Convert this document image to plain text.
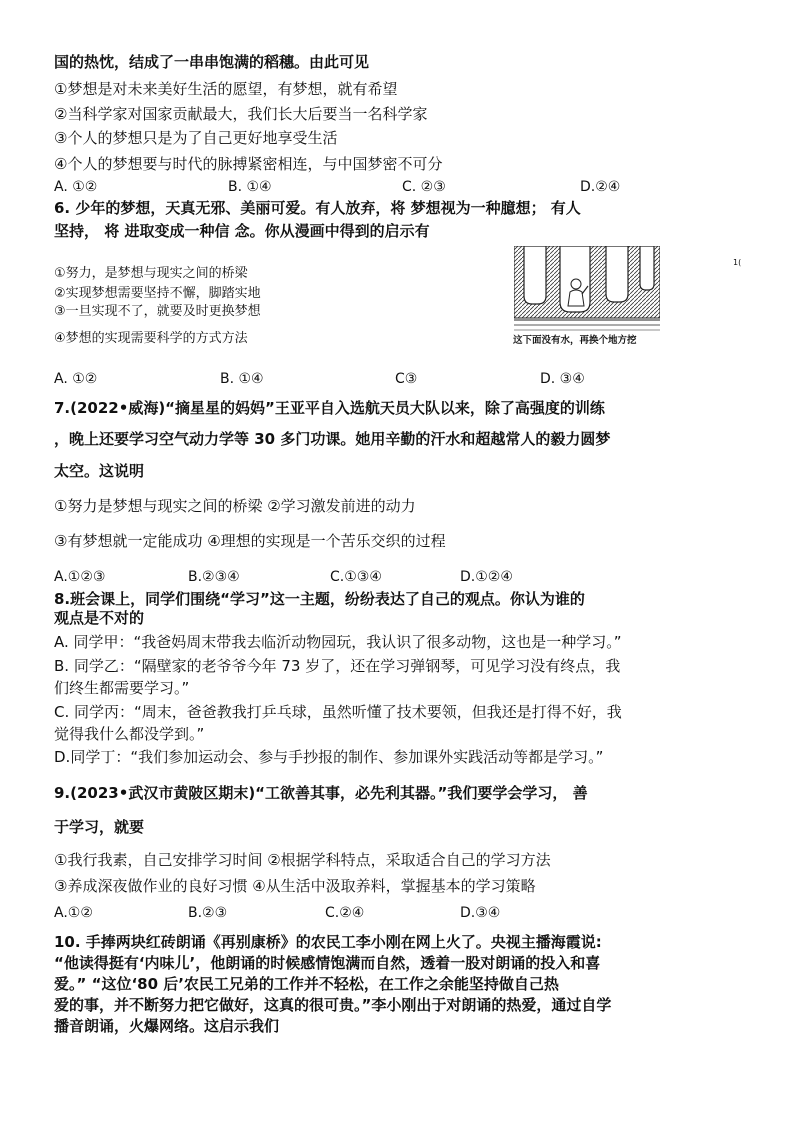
国的热忱，结成了一串串饱满的稻穗。由此可见
①梦想是对未来美好生活的愿望，有梦想，就有希望
②当科学家对国家贡献最大，我们长大后要当一名科学家
③个人的梦想只是为了自己更好地享受生活
④个人的梦想要与时代的脉搏紧密相连，与中国梦密不可分
A. ①②	B. ①④	C. ②③	D.②④
6. 少年的梦想，天真无邪、美丽可爱。有人放弃，将 梦想视为一种臆想； 有人
坚持， 将 进取变成一种信 念。你从漫画中得到的启示有
①努力，是梦想与现实之间的桥梁
②实现梦想需要坚持不懈，脚踏实地
③一旦实现不了，就要及时更换梦想
④梦想的实现需要科学的方式方法	这下面没有水，再换个地方挖
1(
A. ①②	B. ①④	C③	D. ③④
7.(2022•威海)“摘星星的妈妈”王亚平自入选航天员大队以来，除了高强度的训练
，晚上还要学习空气动力学等 30 多门功课。她用辛勤的汗水和超越常人的毅力圆梦
太空。这说明
①努力是梦想与现实之间的桥梁 ②学习激发前进的动力
③有梦想就一定能成功 ④理想的实现是一个苦乐交织的过程
A.①②③	B.②③④	C.①③④	D.①②④
8.班会课上，同学们围绕“学习”这一主题，纷纷表达了自己的观点。你认为谁的
观点是不对的
A. 同学甲：“我爸妈周末带我去临沂动物园玩，我认识了很多动物，这也是一种学习。”
B. 同学乙：“隔壁家的老爷爷今年 73 岁了，还在学习弹钢琴，可见学习没有终点，我
们终生都需要学习。”
C. 同学丙：“周末，爸爸教我打乒乓球，虽然听懂了技术要领，但我还是打得不好，我
觉得我什么都没学到。”
D.同学丁：“我们参加运动会、参与手抄报的制作、参加课外实践活动等都是学习。”
9.(2023•武汉市黄陂区期末)“工欲善其事，必先利其器。”我们要学会学习， 善
于学习，就要
①我行我素，自己安排学习时间 ②根据学科特点，采取适合自己的学习方法
③养成深夜做作业的良好习惯 ④从生活中汲取养料，掌握基本的学习策略
A.①②	B.②③	C.②④	D.③④
10. 手捧两块红砖朗诵《再别康桥》的农民工李小刚在网上火了。央视主播海霞说:
“他读得挺有‘内味儿’，他朗诵的时候感情饱满而自然，透着一股对朗诵的投入和喜
爱。” “这位‘80 后’农民工兄弟的工作并不轻松，在工作之余能坚持做自己热
爱的事，并不断努力把它做好，这真的很可贵。”李小刚出于对朗诵的热爱，通过自学
播音朗诵，火爆网络。这启示我们
